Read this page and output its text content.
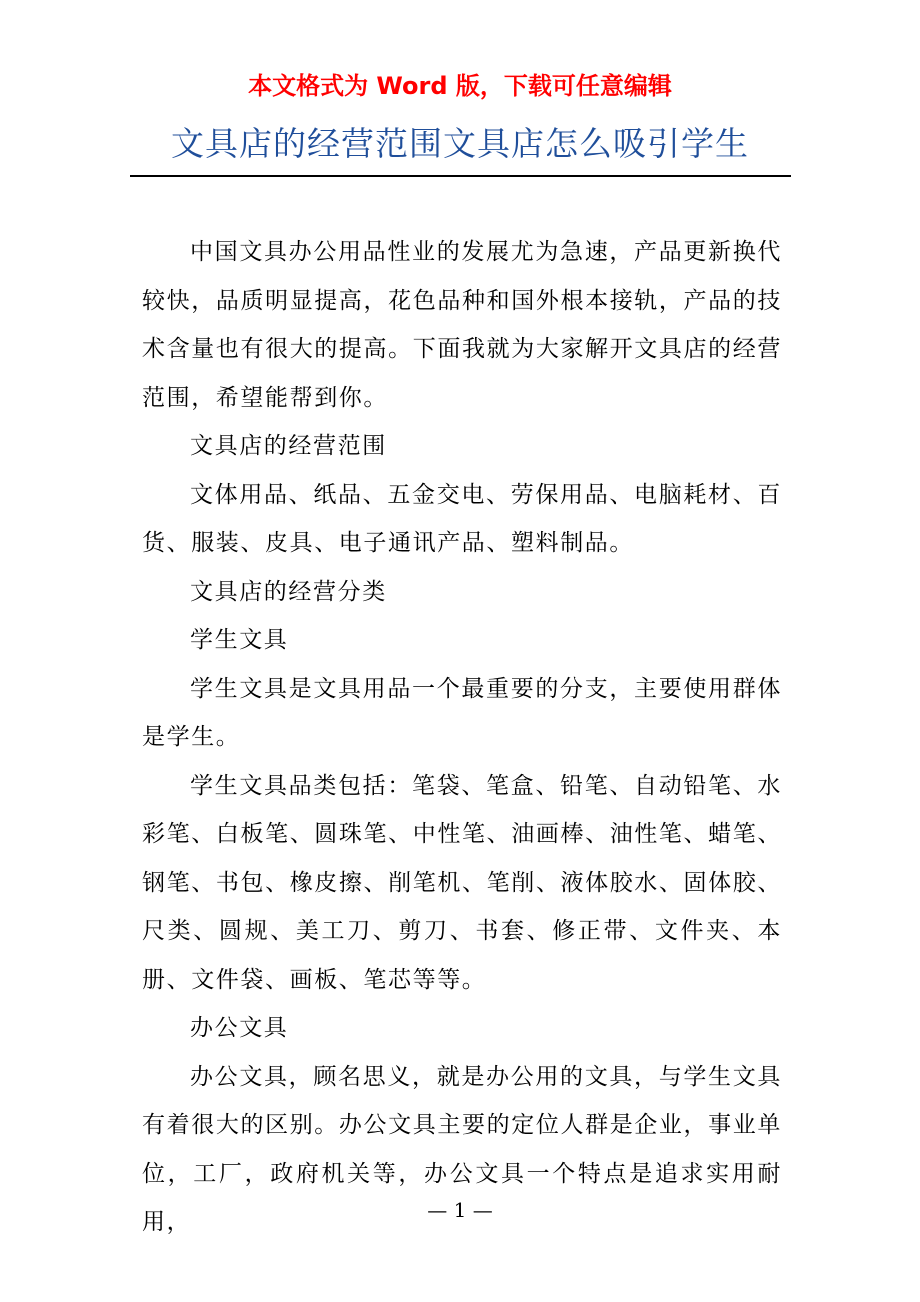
本文格式为 Word 版，下载可任意编辑
文具店的经营范围文具店怎么吸引学生

中国文具办公用品性业的发展尤为急速，产品更新换代较快，品质明显提高，花色品种和国外根本接轨，产品的技术含量也有很大的提高。下面我就为大家解开文具店的经营范围，希望能帮到你。

文具店的经营范围

文体用品、纸品、五金交电、劳保用品、电脑耗材、百货、服装、皮具、电子通讯产品、塑料制品。

文具店的经营分类

学生文具

学生文具是文具用品一个最重要的分支，主要使用群体是学生。

学生文具品类包括：笔袋、笔盒、铅笔、自动铅笔、水彩笔、白板笔、圆珠笔、中性笔、油画棒、油性笔、蜡笔、钢笔、书包、橡皮擦、削笔机、笔削、液体胶水、固体胶、尺类、圆规、美工刀、剪刀、书套、修正带、文件夹、本册、文件袋、画板、笔芯等等。

办公文具

办公文具，顾名思义，就是办公用的文具，与学生文具有着很大的区别。办公文具主要的定位人群是企业，事业单位，工厂，政府机关等，办公文具一个特点是追求实用耐用，	— 1 —
